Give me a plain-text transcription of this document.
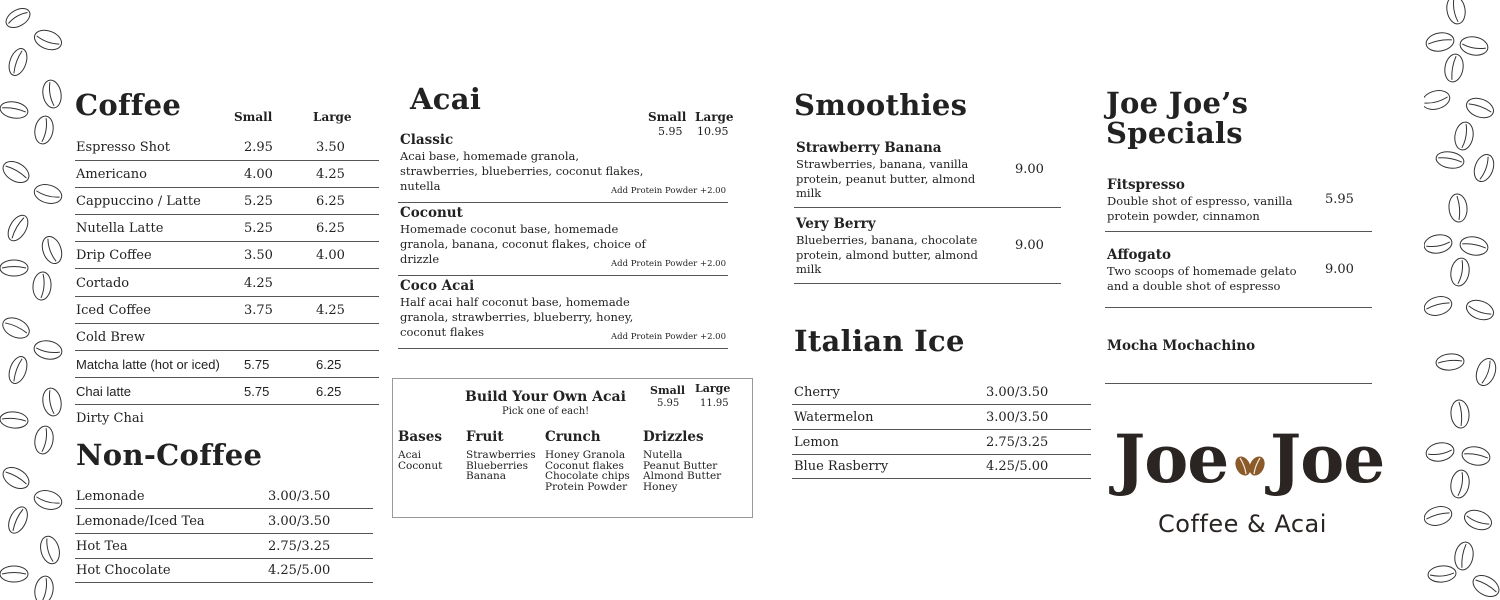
Coffee	Small	Large
Espresso Shot	2.95	3.50
Americano	4.00	4.25
Cappuccino / Latte	5.25	6.25
Nutella Latte	5.25	6.25
Drip Coffee	3.50	4.00
Cortado	4.25
Iced Coffee	3.75	4.25
Cold Brew
Matcha latte (hot or iced) 5.75	6.25
Chai latte	5.75	6.25
Dirty Chai
Non-Coffee
Lemonade	3.00/3.50
Lemonade/Iced Tea	3.00/3.50
Hot Tea	2.75/3.25
Hot Chocolate	4.25/5.00
Acai
Small Large
5.95 10.95
Classic
Acai base, homemade granola,
strawberries, blueberries, coconut flakes,
nutella	Add Protein Powder +2.00
Coconut
Homemade coconut base, homemade
granola, banana, coconut flakes, choice of
drizzle	Add Protein Powder +2.00
Coco Acai
Half acai half coconut base, homemade
granola, strawberries, blueberry, honey,
coconut flakes	Add Protein Powder +2.00
Build Your Own Acai
Pick one of each!
Small Large
5.95 11.95
Bases
Acai
Coconut
Fruit
Strawberries
Blueberries
Banana
Crunch
Honey Granola
Coconut flakes
Chocolate chips
Protein Powder
Drizzles
Nutella
Peanut Butter
Almond Butter
Honey
Smoothies
Strawberry Banana
Strawberries, banana, vanilla
protein, peanut butter, almond
milk
9.00
Very Berry
Blueberries, banana, chocolate
protein, almond butter, almond
milk
9.00
Italian Ice
Cherry	3.00/3.50
Watermelon	3.00/3.50
Lemon	2.75/3.25
Blue Rasberry	4.25/5.00
Joe Joe’s
Specials
Fitspresso
Double shot of espresso, vanilla
protein powder, cinnamon
5.95
Affogato
Two scoops of homemade gelato
and a double shot of espresso
9.00
Mocha Mochachino
Joe Joe
Coffee & Acai
